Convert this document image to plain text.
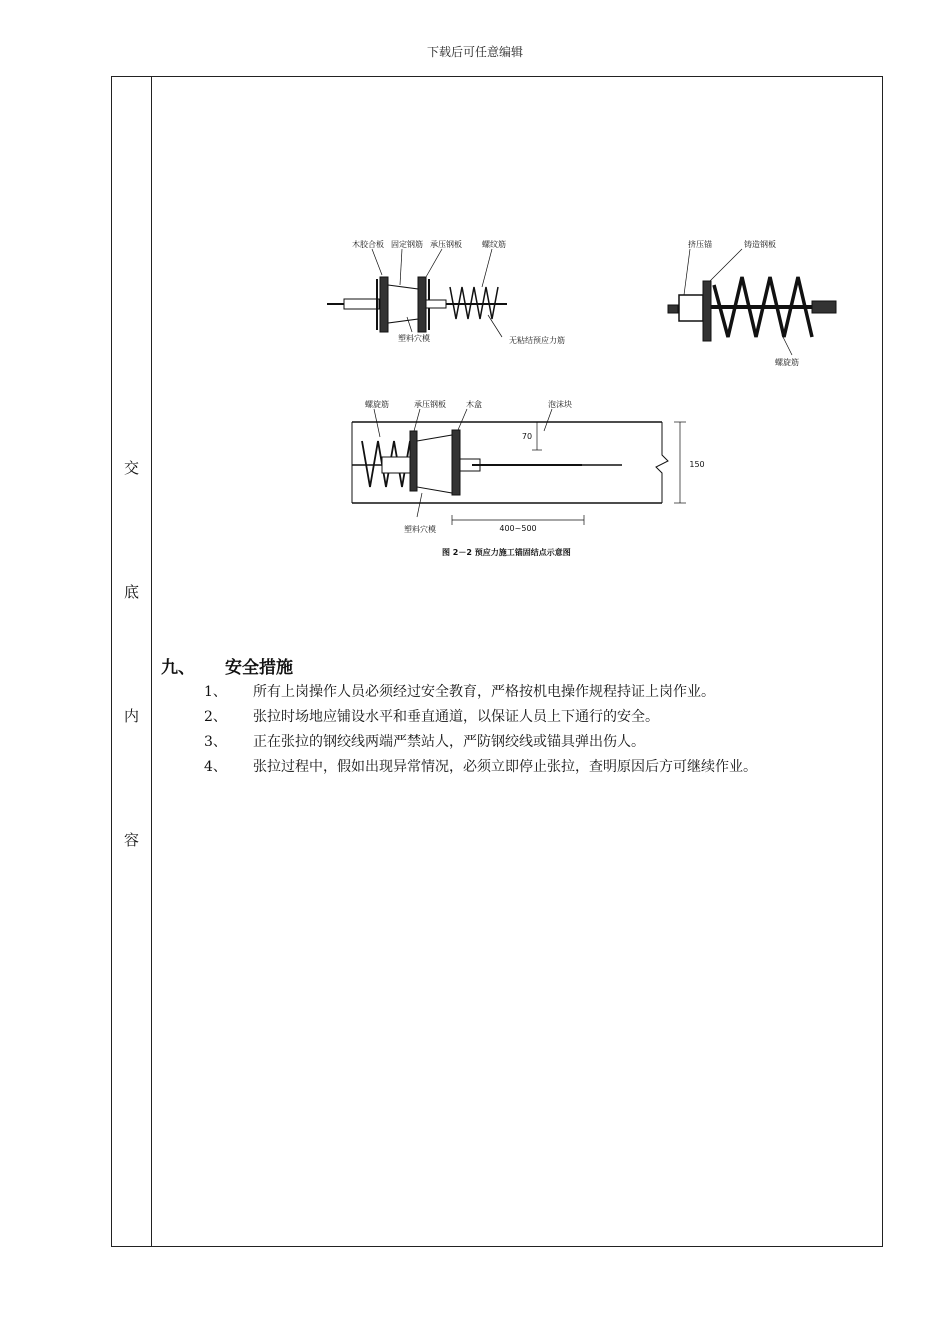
下载后可任意编辑
交
底
内
容
木胶合板 固定钢筋 承压钢板	螺纹筋
塑料穴模	无粘结预应力筋
挤压锚	铸造钢板
螺旋筋
螺旋筋	承压钢板	木盒	泡沫块
70
150
400~500
塑料穴模
图 2－2 预应力施工锚固结点示意图
九、 安全措施
1、 所有上岗操作人员必须经过安全教育，严格按机电操作规程持证上岗作业。
2、 张拉时场地应铺设水平和垂直通道，以保证人员上下通行的安全。
3、 正在张拉的钢绞线两端严禁站人，严防钢绞线或锚具弹出伤人。
4、 张拉过程中，假如出现异常情况，必须立即停止张拉，查明原因后方可继续作业。
